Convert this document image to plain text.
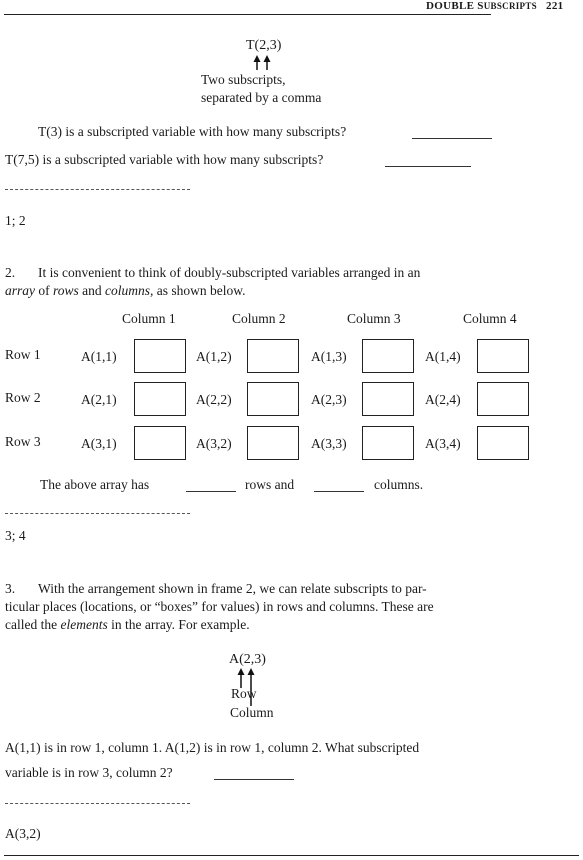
DOUBLE SUBSCRIPTS 221
T(2,3)
Two subscripts,
separated by a comma
T(3) is a subscripted variable with how many subscripts?
T(7,5) is a subscripted variable with how many subscripts?
1; 2
2. It is convenient to think of doubly-subscripted variables arranged in an
array of rows and columns, as shown below.
Column 1	Column 2	Column 3	Column 4
Row 1	A(1,1)	A(1,2)	A(1,3)	A(1,4)
Row 2	A(2,1)	A(2,2)	A(2,3)	A(2,4)
Row 3	A(3,1)	A(3,2)	A(3,3)	A(3,4)
The above array has	rows and	columns.
3; 4
3. With the arrangement shown in frame 2, we can relate subscripts to par-
ticular places (locations, or “boxes” for values) in rows and columns. These are
called the elements in the array. For example.
A(2,3)
Row
Column
A(1,1) is in row 1, column 1. A(1,2) is in row 1, column 2. What subscripted
variable is in row 3, column 2?
A(3,2)
